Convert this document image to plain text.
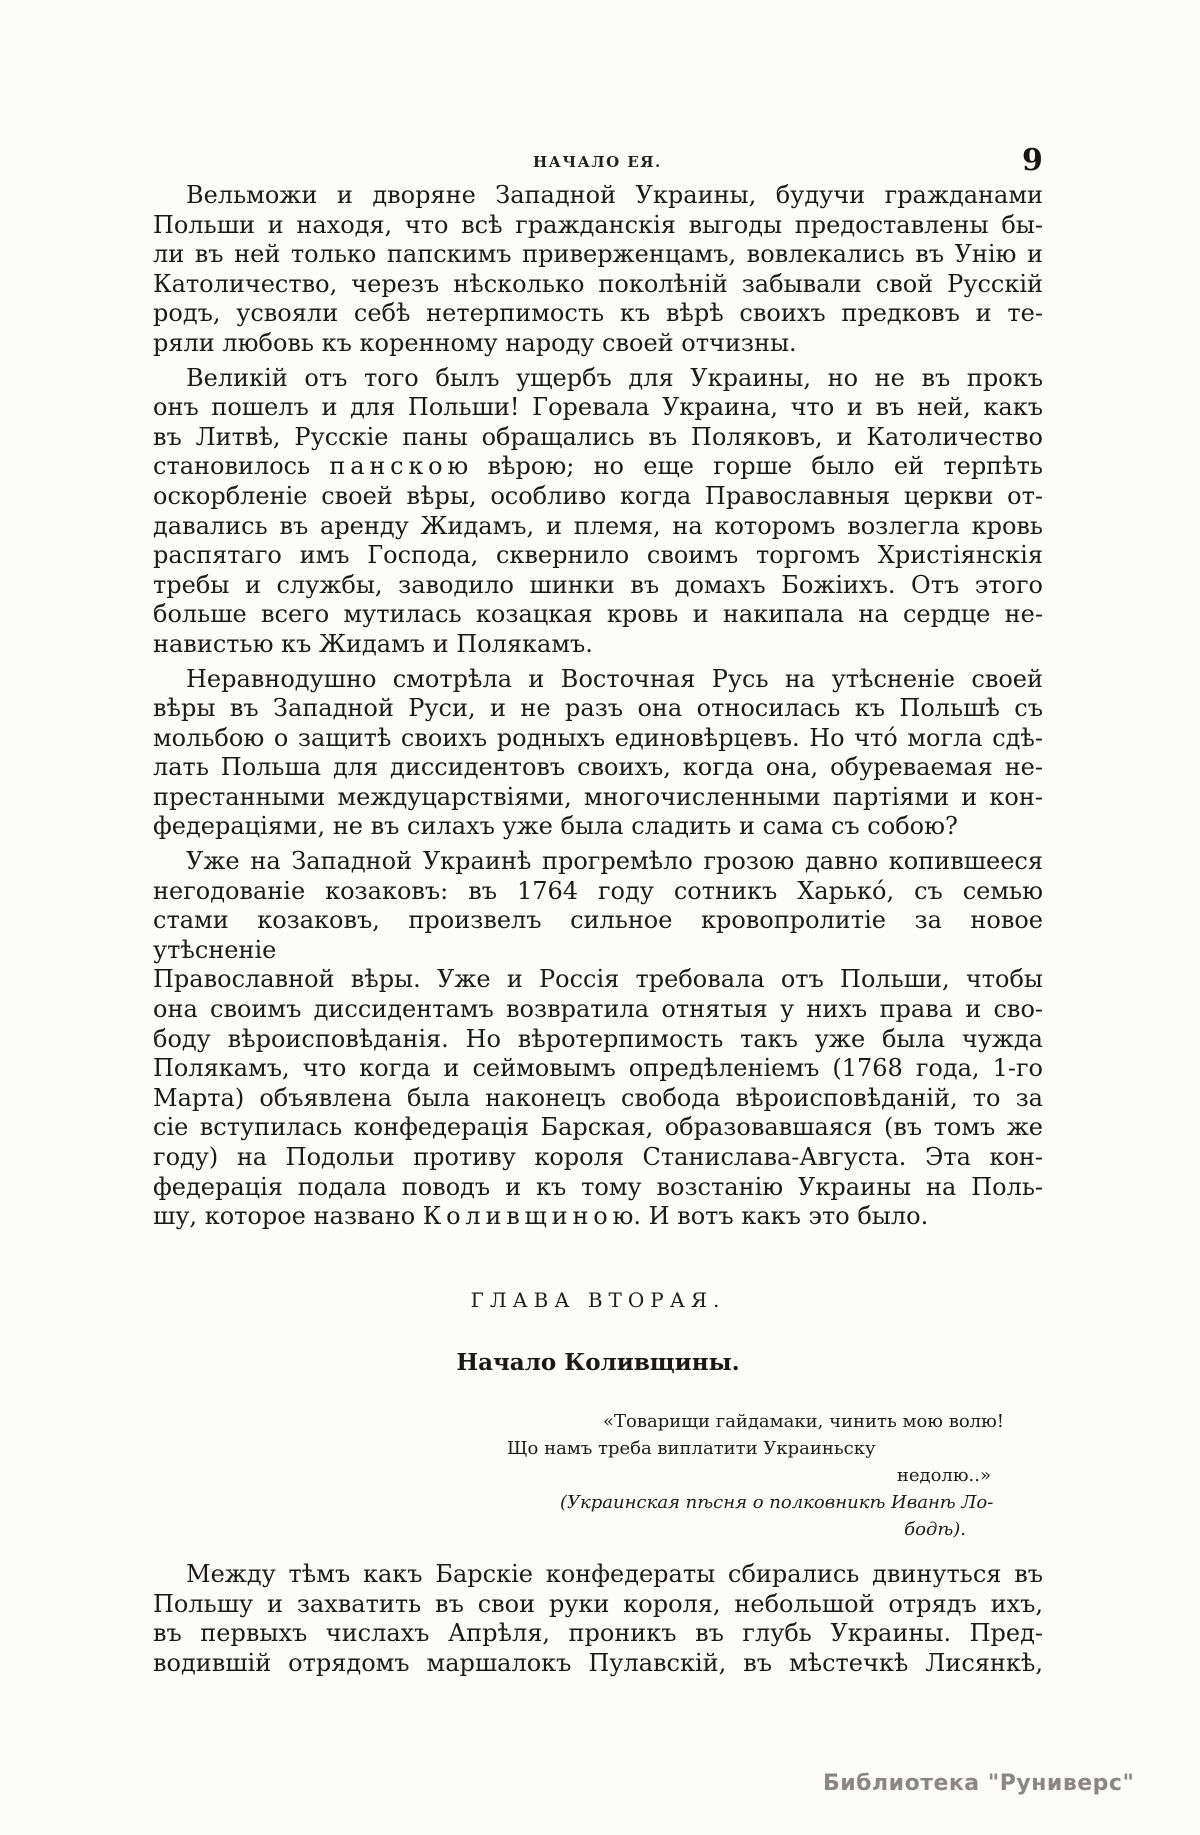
НАЧАЛО ЕЯ.	9
Вельможи и дворяне Западной Украины, будучи гражданами
Польши и находя, что всѣ гражданскія выгоды предоставлены бы-
ли въ ней только папскимъ приверженцамъ, вовлекались въ Унію и
Католичество, черезъ нѣсколько поколѣній забывали свой Русскій
родъ, усвояли себѣ нетерпимость къ вѣрѣ своихъ предковъ и те-
ряли любовь къ коренному народу своей отчизны.
Великій отъ того былъ ущербъ для Украины, но не въ прокъ
онъ пошелъ и для Польши! Горевала Украина, что и въ ней, какъ
въ Литвѣ, Русскіе паны обращались въ Поляковъ, и Католичество
становилось п а н с к о ю вѣрою; но еще горше было ей терпѣть
оскорбленіе своей вѣры, особливо когда Православныя церкви от-
давались въ аренду Жидамъ, и племя, на которомъ возлегла кровь
распятаго имъ Господа, сквернило своимъ торгомъ Христіянскія
требы и службы, заводило шинки въ домахъ Божіихъ. Отъ этого
больше всего мутилась козацкая кровь и накипала на сердце не-
навистью къ Жидамъ и Полякамъ.
Неравнодушно смотрѣла и Восточная Русь на утѣсненіе своей
вѣры въ Западной Руси, и не разъ она относилась къ Польшѣ съ
мольбою о защитѣ своихъ родныхъ единовѣрцевъ. Но что́ могла сдѣ-
лать Польша для диссидентовъ своихъ, когда она, обуреваемая не-
престанными междуцарствіями, многочисленными партіями и кон-
федераціями, не въ силахъ уже была сладить и сама съ собою?
Уже на Западной Украинѣ прогремѣло грозою давно копившееся
негодованіе козаковъ: въ 1764 году сотникъ Харько́, съ семью
стами козаковъ, произвелъ сильное кровопролитіе за новое утѣсненіе
Православной вѣры. Уже и Россія требовала отъ Польши, чтобы
она своимъ диссидентамъ возвратила отнятыя у нихъ права и сво-
боду вѣроисповѣданія. Но вѣротерпимость такъ уже была чужда
Полякамъ, что когда и сеймовымъ опредѣленіемъ (1768 года, 1-го
Марта) объявлена была наконецъ свобода вѣроисповѣданій, то за
сіе вступилась конфедерація Барская, образовавшаяся (въ томъ же
году) на Подольи противу короля Станислава-Августа. Эта кон-
федерація подала поводъ и къ тому возстанію Украины на Поль-
шу, которое названо К о л и в щ и н о ю. И вотъ какъ это было.
ГЛАВА ВТОРАЯ.
Начало Коливщины.
«Товарищи гайдамаки, чинить мою волю!
Що намъ треба виплатити Украиньску
недолю..»
(Украинская пѣсня о полковникѣ Иванѣ Ло-
бодѣ).
Между тѣмъ какъ Барскіе конфедераты сбирались двинуться въ
Польшу и захватить въ свои руки короля, небольшой отрядъ ихъ,
въ первыхъ числахъ Апрѣля, проникъ въ глубь Украины. Пред-
водившій отрядомъ маршалокъ Пулавскій, въ мѣстечкѣ Лисянкѣ,
Библиотека "Руниверс"
